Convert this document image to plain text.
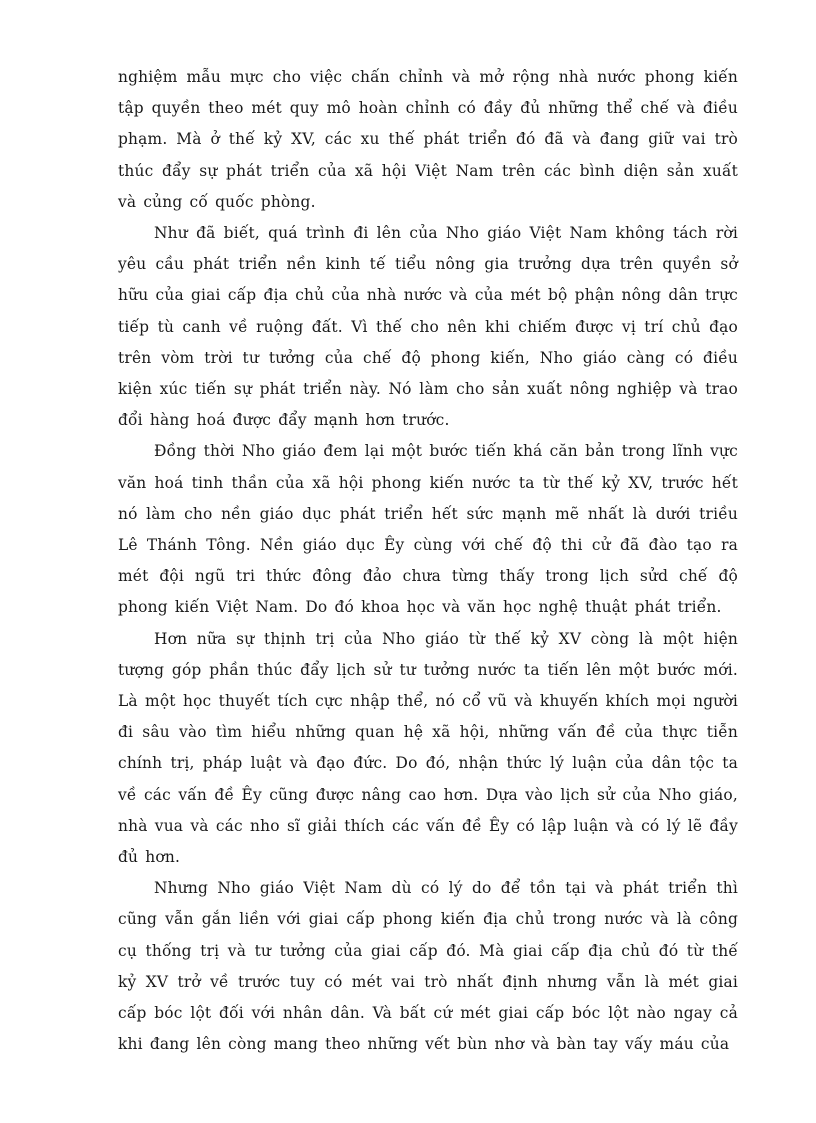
nghiệm mẫu mực cho việc chấn chỉnh và mở rộng nhà nước phong kiến tập quyền theo mét quy mô hoàn chỉnh có đầy đủ những thể chế và điều phạm. Mà ở thế kỷ XV, các xu thế phát triển đó đã và đang giữ vai trò thúc đẩy sự phát triển của xã hội Việt Nam trên các bình diện sản xuất và củng cố quốc phòng.

Như đã biết, quá trình đi lên của Nho giáo Việt Nam không tách rời yêu cầu phát triển nền kinh tế tiểu nông gia trưởng dựa trên quyền sở hữu của giai cấp địa chủ của nhà nước và của mét bộ phận nông dân trực tiếp tù canh về ruộng đất. Vì thế cho nên khi chiếm được vị trí chủ đạo trên vòm trời tư tưởng của chế độ phong kiến, Nho giáo càng có điều kiện xúc tiến sự phát triển này. Nó làm cho sản xuất nông nghiệp và trao đổi hàng hoá được đẩy mạnh hơn trước.

Đồng thời Nho giáo đem lại một bước tiến khá căn bản trong lĩnh vực văn hoá tinh thần của xã hội phong kiến nước ta từ thế kỷ XV, trước hết nó làm cho nền giáo dục phát triển hết sức mạnh mẽ nhất là dưới triều Lê Thánh Tông. Nền giáo dục Êy cùng với chế độ thi cử đã đào tạo ra mét đội ngũ tri thức đông đảo chưa từng thấy trong lịch sửd chế độ phong kiến Việt Nam. Do đó khoa học và văn học nghệ thuật phát triển.

Hơn nữa sự thịnh trị của Nho giáo từ thế kỷ XV còng là một hiện tượng góp phần thúc đẩy lịch sử tư tưởng nước ta tiến lên một bước mới. Là một học thuyết tích cực nhập thể, nó cổ vũ và khuyến khích mọi người đi sâu vào tìm hiểu những quan hệ xã hội, những vấn đề của thực tiễn chính trị, pháp luật và đạo đức. Do đó, nhận thức lý luận của dân tộc ta về các vấn đề Êy cũng được nâng cao hơn. Dựa vào lịch sử của Nho giáo, nhà vua và các nho sĩ giải thích các vấn đề Êy có lập luận và có lý lẽ đầy đủ hơn.

Nhưng Nho giáo Việt Nam dù có lý do để tồn tại và phát triển thì cũng vẫn gắn liền với giai cấp phong kiến địa chủ trong nước và là công cụ thống trị và tư tưởng của giai cấp đó. Mà giai cấp địa chủ đó từ thế kỷ XV trở về trước tuy có mét vai trò nhất định nhưng vẫn là mét giai cấp bóc lột đối với nhân dân. Và bất cứ mét giai cấp bóc lột nào ngay cả khi đang lên còng mang theo những vết bùn nhơ và bàn tay vấy máu của
